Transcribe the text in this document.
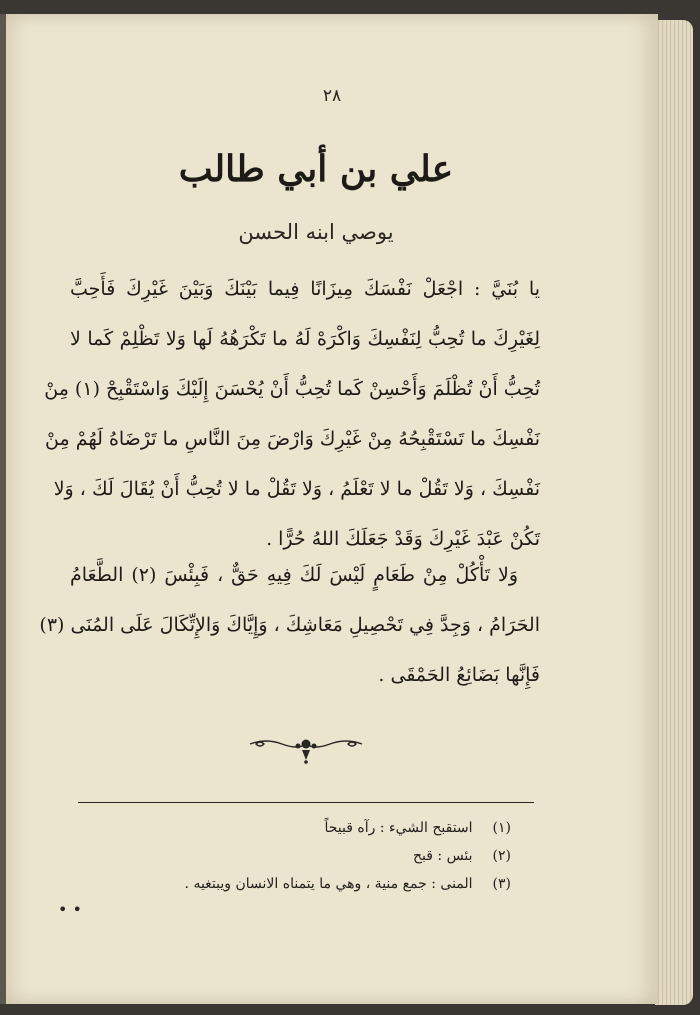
٢٨
علي بن أبي طالب
يوصي ابنه الحسن
يا بُنَيَّ : اجْعَلْ نَفْسَكَ مِيزَانًا فِيما بَيْنَكَ وَبَيْنَ غَيْرِكَ فَأَحِبَّ
لِغَيْرِكَ ما تُحِبُّ لِنَفْسِكَ وَاكْرَهْ لَهُ ما تَكْرَهُهُ لَها وَلا تَظْلِمْ كَما لا
تُحِبُّ أَنْ تُظْلَمَ وَأَحْسِنْ كَما تُحِبُّ أَنْ يُحْسَنَ إِلَيْكَ وَاسْتَقْبِحْ (١) مِنْ
نَفْسِكَ ما تَسْتَقْبِحُهُ مِنْ غَيْرِكَ وَارْضَ مِنَ النَّاسِ ما تَرْضَاهُ لَهُمْ مِنْ
نَفْسِكَ ، وَلا تَقُلْ ما لا تَعْلَمُ ، وَلا تَقُلْ ما لا تُحِبُّ أَنْ يُقَالَ لَكَ ، وَلا
تَكُنْ عَبْدَ غَيْرِكَ وَقَدْ جَعَلَكَ اللهُ حُرًّا .
وَلا تَأْكُلْ مِنْ طَعَامٍ لَيْسَ لَكَ فِيهِ حَقٌّ ، فَبِئْسَ (٢) الطَّعَامُ
الحَرَامُ ، وَجِدَّ فِي تَحْصِيلِ مَعَاشِكَ ، وَإِيَّاكَ وَالإِتِّكَالَ عَلَى المُنَى (٣)
فَإِنَّها بَضَائِعُ الحَمْقَى .
(١) استقبح الشيء : رآه قبيحاً
(٢) بئس : قبح
(٣) المنى : جمع منية ، وهي ما يتمناه الانسان ويبتغيه .
• •
